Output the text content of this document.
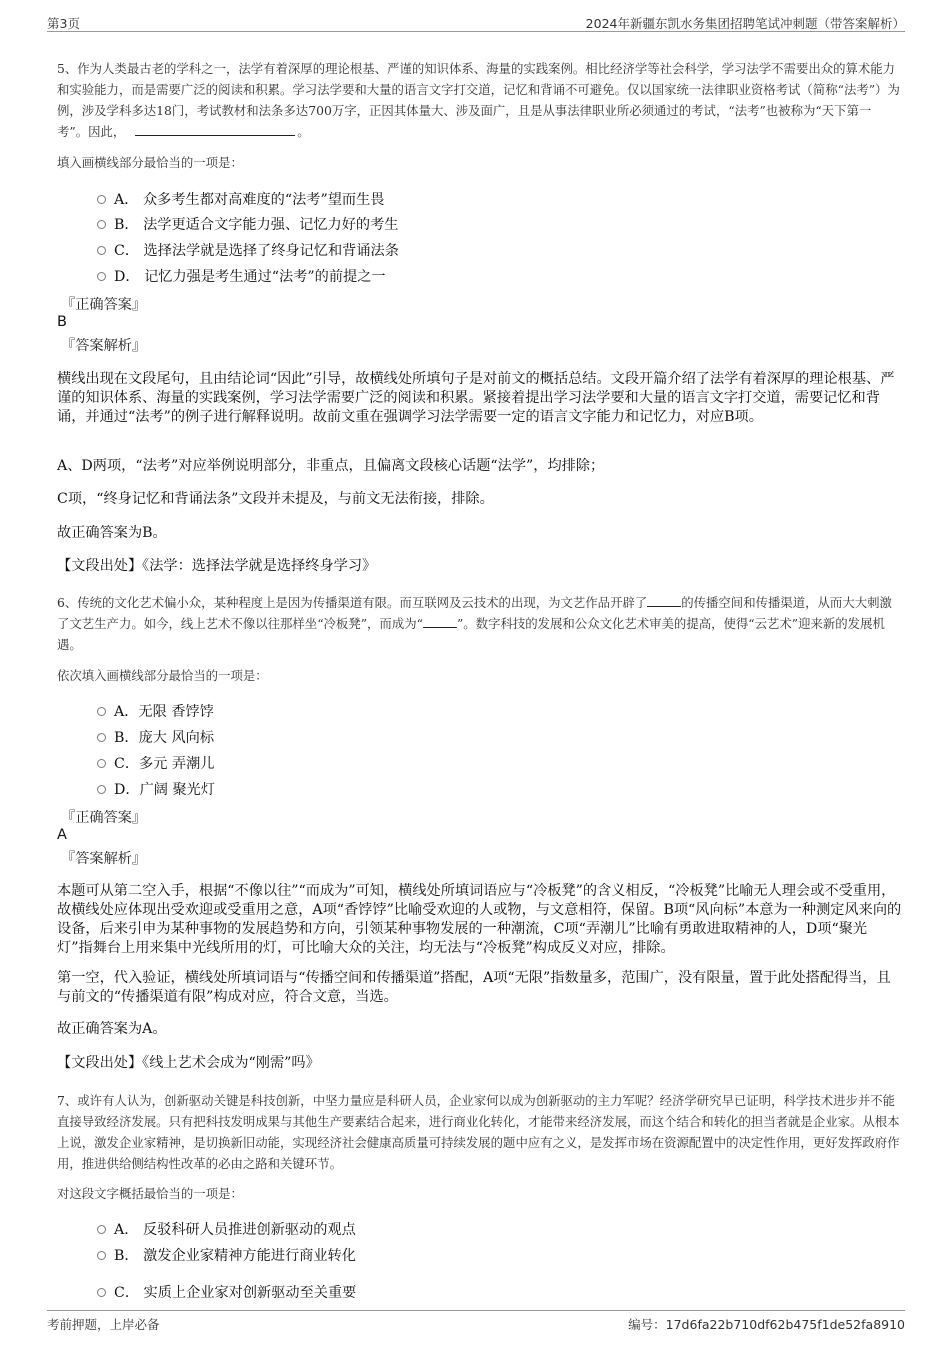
第3页	2024年新疆东凯水务集团招聘笔试冲刺题（带答案解析）
5、作为人类最古老的学科之一，法学有着深厚的理论根基、严谨的知识体系、海量的实践案例。相比经济学等社会科学，学习法学不需要出众的算术能力和实验能力，而是需要广泛的阅读和积累。学习法学要和大量的语言文字打交道，记忆和背诵不可避免。仅以国家统一法律职业资格考试（简称“法考”）为例，涉及学科多达18门，考试教材和法条多达700万字，正因其体量大、涉及面广，且是从事法律职业所必须通过的考试，“法考”也被称为“天下第一考”。因此，	。
填入画横线部分最恰当的一项是：
A． 众多考生都对高难度的“法考”望而生畏
B． 法学更适合文字能力强、记忆力好的考生
C． 选择法学就是选择了终身记忆和背诵法条
D． 记忆力强是考生通过“法考”的前提之一
『正确答案』
B
『答案解析』
横线出现在文段尾句，且由结论词“因此”引导，故横线处所填句子是对前文的概括总结。文段开篇介绍了法学有着深厚的理论根基、严谨的知识体系、海量的实践案例，学习法学需要广泛的阅读和积累。紧接着提出学习法学要和大量的语言文字打交道，需要记忆和背诵，并通过“法考”的例子进行解释说明。故前文重在强调学习法学需要一定的语言文字能力和记忆力，对应B项。
A、D两项，“法考”对应举例说明部分，非重点，且偏离文段核心话题“法学”，均排除；
C项，“终身记忆和背诵法条”文段并未提及，与前文无法衔接，排除。
故正确答案为B。
【文段出处】《法学：选择法学就是选择终身学习》
6、传统的文化艺术偏小众，某种程度上是因为传播渠道有限。而互联网及云技术的出现，为文艺作品开辟了	的传播空间和传播渠道，从而大大刺激了文艺生产力。如今，线上艺术不像以往那样坐“冷板凳”，而成为“	”。数字科技的发展和公众文化艺术审美的提高，使得“云艺术”迎来新的发展机遇。
依次填入画横线部分最恰当的一项是：
A．无限 香饽饽
B．庞大 风向标
C．多元 弄潮儿
D．广阔 聚光灯
『正确答案』
A
『答案解析』
本题可从第二空入手，根据“不像以往”“而成为”可知，横线处所填词语应与“冷板凳”的含义相反，“冷板凳”比喻无人理会或不受重用，故横线处应体现出受欢迎或受重用之意，A项“香饽饽”比喻受欢迎的人或物，与文意相符，保留。B项“风向标”本意为一种测定风来向的设备，后来引申为某种事物的发展趋势和方向，引领某种事物发展的一种潮流，C项“弄潮儿”比喻有勇敢进取精神的人，D项“聚光灯”指舞台上用来集中光线所用的灯，可比喻大众的关注，均无法与“冷板凳”构成反义对应，排除。
第一空，代入验证，横线处所填词语与“传播空间和传播渠道”搭配，A项“无限”指数量多，范围广，没有限量，置于此处搭配得当，且与前文的“传播渠道有限”构成对应，符合文意，当选。
故正确答案为A。
【文段出处】《线上艺术会成为“刚需”吗》
7、或许有人认为，创新驱动关键是科技创新，中坚力量应是科研人员，企业家何以成为创新驱动的主力军呢？经济学研究早已证明，科学技术进步并不能直接导致经济发展。只有把科技发明成果与其他生产要素结合起来，进行商业化转化，才能带来经济发展，而这个结合和转化的担当者就是企业家。从根本上说，激发企业家精神，是切换新旧动能，实现经济社会健康高质量可持续发展的题中应有之义，是发挥市场在资源配置中的决定性作用，更好发挥政府作用，推进供给侧结构性改革的必由之路和关键环节。
对这段文字概括最恰当的一项是：
A． 反驳科研人员推进创新驱动的观点
B． 激发企业家精神方能进行商业转化
C． 实质上企业家对创新驱动至关重要
考前押题，上岸必备	编号：17d6fa22b710df62b475f1de52fa8910
